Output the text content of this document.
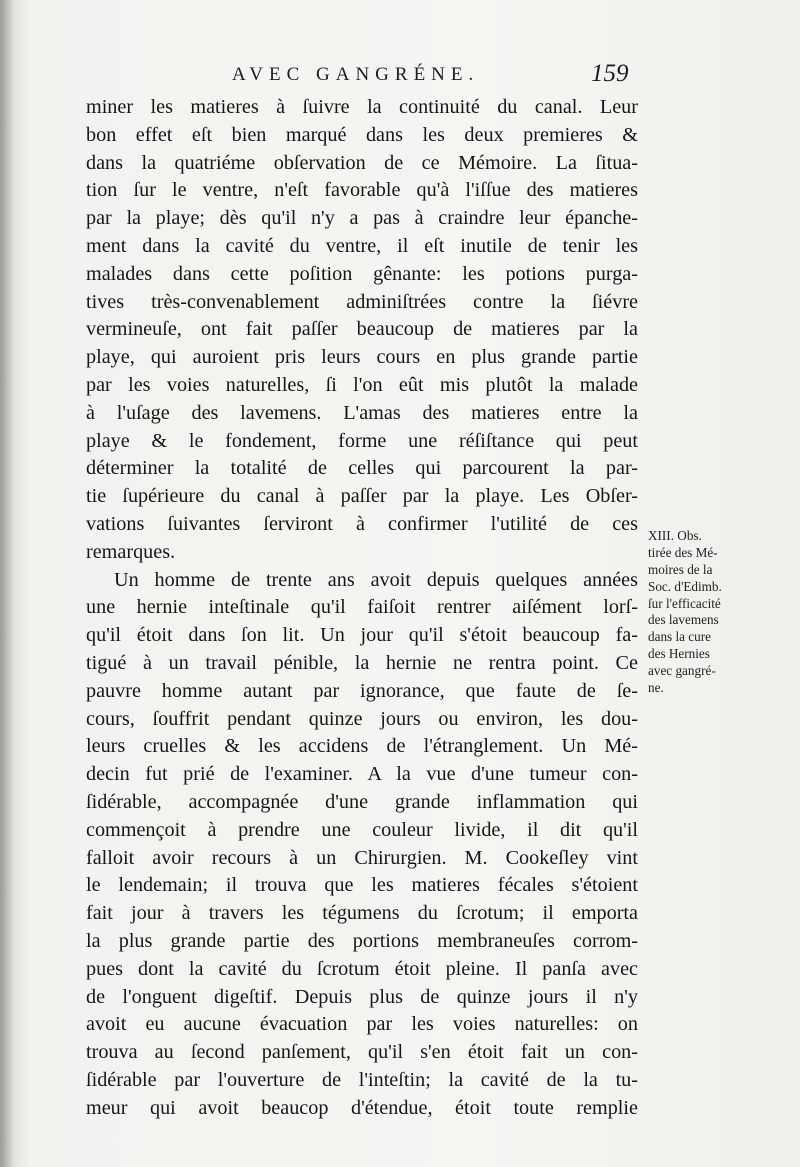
AVEC GANGRÉNE.	159
miner les matieres à ſuivre la continuité du canal. Leur
bon effet eſt bien marqué dans les deux premieres &
dans la quatriéme obſervation de ce Mémoire. La ſitua-
tion ſur le ventre, n'eſt favorable qu'à l'iſſue des matieres
par la playe; dès qu'il n'y a pas à craindre leur épanche-
ment dans la cavité du ventre, il eſt inutile de tenir les
malades dans cette poſition gênante: les potions purga-
tives très-convenablement adminiſtrées contre la ſiévre
vermineuſe, ont fait paſſer beaucoup de matieres par la
playe, qui auroient pris leurs cours en plus grande partie
par les voies naturelles, ſi l'on eût mis plutôt la malade
à l'uſage des lavemens. L'amas des matieres entre la
playe & le fondement, forme une réſiſtance qui peut
déterminer la totalité de celles qui parcourent la par-
tie ſupérieure du canal à paſſer par la playe. Les Obſer-
vations ſuivantes ſerviront à confirmer l'utilité de ces
remarques.
Un homme de trente ans avoit depuis quelques années
une hernie inteſtinale qu'il faiſoit rentrer aiſément lorſ-
qu'il étoit dans ſon lit. Un jour qu'il s'étoit beaucoup fa-
tigué à un travail pénible, la hernie ne rentra point. Ce
pauvre homme autant par ignorance, que faute de ſe-
cours, ſouffrit pendant quinze jours ou environ, les dou-
leurs cruelles & les accidens de l'étranglement. Un Mé-
decin fut prié de l'examiner. A la vue d'une tumeur con-
ſidérable, accompagnée d'une grande inflammation qui
commençoit à prendre une couleur livide, il dit qu'il
falloit avoir recours à un Chirurgien. M. Cookeſley vint
le lendemain; il trouva que les matieres fécales s'étoient
fait jour à travers les tégumens du ſcrotum; il emporta
la plus grande partie des portions membraneuſes corrom-
pues dont la cavité du ſcrotum étoit pleine. Il panſa avec
de l'onguent digeſtif. Depuis plus de quinze jours il n'y
avoit eu aucune évacuation par les voies naturelles: on
trouva au ſecond panſement, qu'il s'en étoit fait un con-
ſidérable par l'ouverture de l'inteſtin; la cavité de la tu-
meur qui avoit beaucop d'étendue, étoit toute remplie
XIII. Obs.
tirée des Mé-
moires de la
Soc. d'Edimb.
ſur l'efficacité
des lavemens
dans la cure
des Hernies
avec gangré-
ne.
